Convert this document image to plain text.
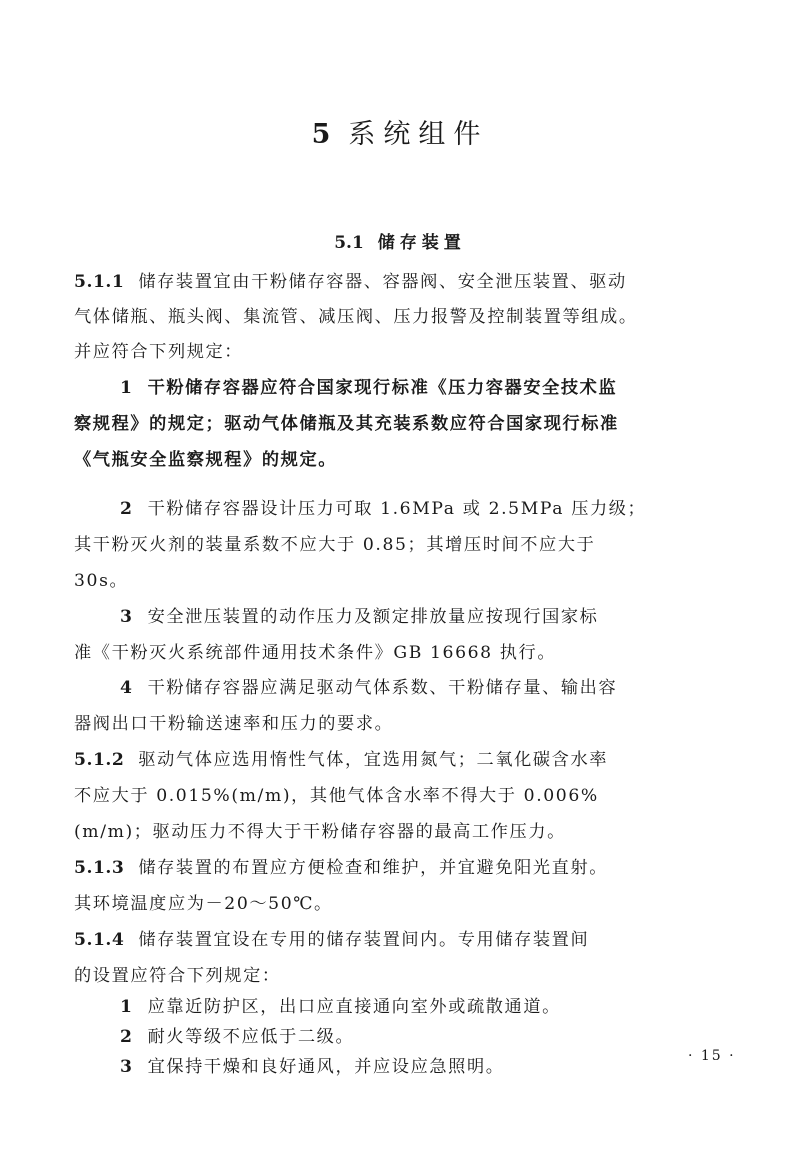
5 系统组件
5.1 储存装置
5.1.1 储存装置宜由干粉储存容器、容器阀、安全泄压装置、驱动
气体储瓶、瓶头阀、集流管、减压阀、压力报警及控制装置等组成。
并应符合下列规定：
1 干粉储存容器应符合国家现行标准《压力容器安全技术监
察规程》的规定；驱动气体储瓶及其充装系数应符合国家现行标准
《气瓶安全监察规程》的规定。
2 干粉储存容器设计压力可取 1.6MPa 或 2.5MPa 压力级；
其干粉灭火剂的装量系数不应大于 0.85；其增压时间不应大于
30s。
3 安全泄压装置的动作压力及额定排放量应按现行国家标
准《干粉灭火系统部件通用技术条件》GB 16668 执行。
4 干粉储存容器应满足驱动气体系数、干粉储存量、输出容
器阀出口干粉输送速率和压力的要求。
5.1.2 驱动气体应选用惰性气体，宜选用氮气；二氧化碳含水率
不应大于 0.015%(m/m)，其他气体含水率不得大于 0.006%
(m/m)；驱动压力不得大于干粉储存容器的最高工作压力。
5.1.3 储存装置的布置应方便检查和维护，并宜避免阳光直射。
其环境温度应为－20～50℃。
5.1.4 储存装置宜设在专用的储存装置间内。专用储存装置间
的设置应符合下列规定：
1 应靠近防护区，出口应直接通向室外或疏散通道。
2 耐火等级不应低于二级。
3 宜保持干燥和良好通风，并应设应急照明。
· 15 ·
